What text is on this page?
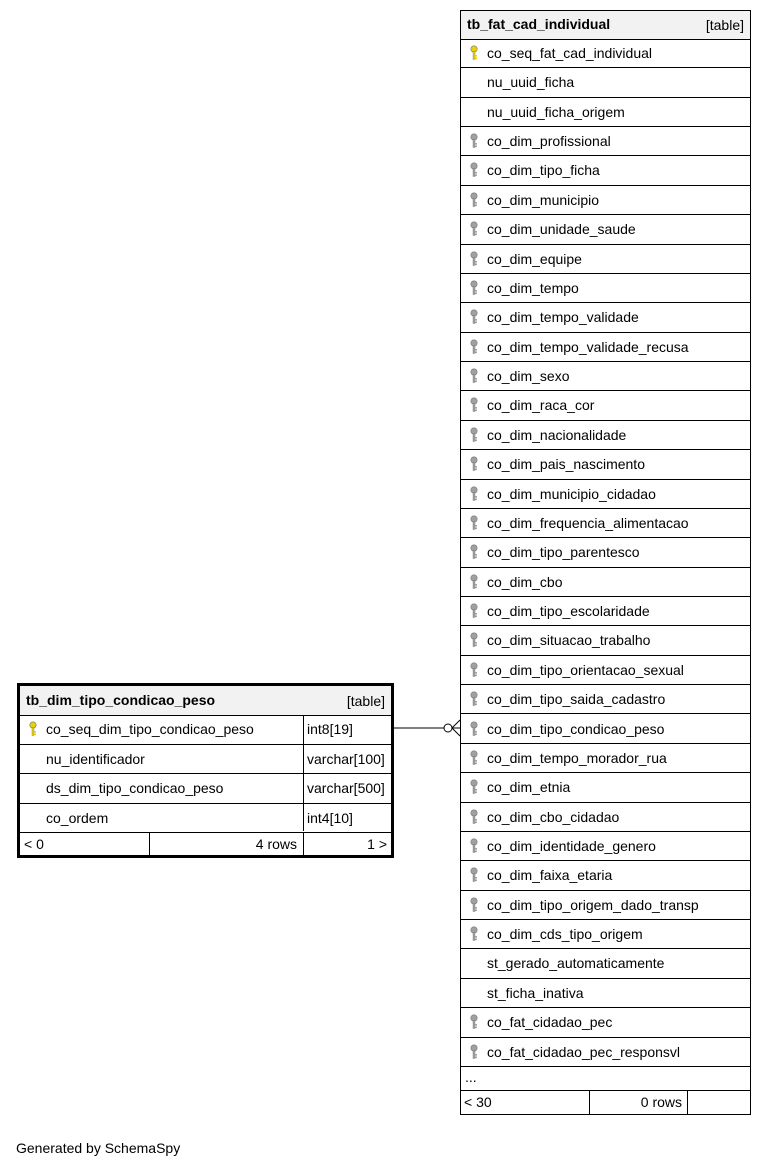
tb_dim_tipo_condicao_peso	[table]
co_seq_dim_tipo_condicao_peso	int8[19]
nu_identificador	varchar[100]
ds_dim_tipo_condicao_peso	varchar[500]
co_ordem	int4[10]
< 0	4 rows	1 >
tb_fat_cad_individual	[table]
co_seq_fat_cad_individual
nu_uuid_ficha
nu_uuid_ficha_origem
co_dim_profissional
co_dim_tipo_ficha
co_dim_municipio
co_dim_unidade_saude
co_dim_equipe
co_dim_tempo
co_dim_tempo_validade
co_dim_tempo_validade_recusa
co_dim_sexo
co_dim_raca_cor
co_dim_nacionalidade
co_dim_pais_nascimento
co_dim_municipio_cidadao
co_dim_frequencia_alimentacao
co_dim_tipo_parentesco
co_dim_cbo
co_dim_tipo_escolaridade
co_dim_situacao_trabalho
co_dim_tipo_orientacao_sexual
co_dim_tipo_saida_cadastro
co_dim_tipo_condicao_peso
co_dim_tempo_morador_rua
co_dim_etnia
co_dim_cbo_cidadao
co_dim_identidade_genero
co_dim_faixa_etaria
co_dim_tipo_origem_dado_transp
co_dim_cds_tipo_origem
st_gerado_automaticamente
st_ficha_inativa
co_fat_cidadao_pec
co_fat_cidadao_pec_responsvl
...
< 30	0 rows
Generated by SchemaSpy
